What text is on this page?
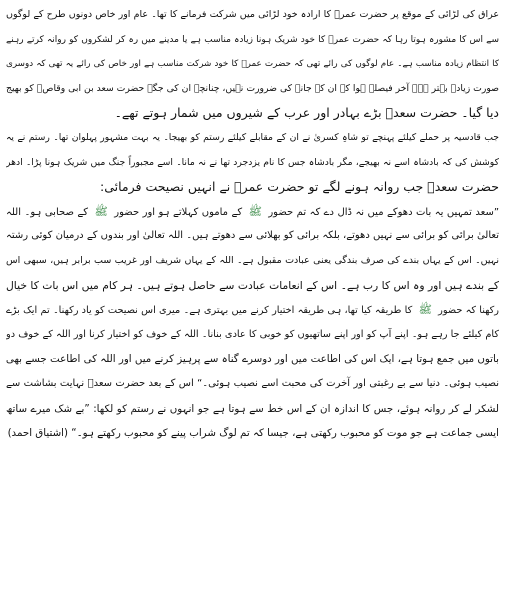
عراق کی لڑائی کے موقع پر حضرت عمرؓ کا ارادہ خود لڑائی میں شرکت فرمانے کا تھا۔ عام اور خاص دونوں طرح کے لوگوں
سے اس کا مشورہ ہوتا رہا کہ حضرت عمرؓ کا خود شریک ہونا زیادہ مناسب ہے یا مدینے میں رہ کر لشکروں کو روانہ کرتے رہنے
کا انتظام زیادہ مناسب ہے۔ عام لوگوں کی رائے تھی کہ حضرت عمرؓ کا خود شرکت مناسب ہے اور خاص کی رائے یہ تھی کہ دوسری
صورت زیادہ بہتر ہے۔ آخر فیصلہ ہوا کہ ان کے جانے کی ضرورت نہیں، چنانچہ ان کی جگہ حضرت سعد بن ابی وقاصؓ کو بھیج
دیا گیا۔ حضرت سعدؓ بڑے بہادر اور عرب کے شیروں میں شمار ہوتے تھے۔
جب قادسیہ پر حملے کیلئے پہنچے تو شاہِ کسریٰ نے ان کے مقابلے کیلئے رستم کو بھیجا۔ یہ بہت مشہور پہلوان تھا۔ رستم نے یہ
کوشش کی کہ بادشاہ اسے نہ بھیجے، مگر بادشاہ جس کا نام یزدجرد تھا نے نہ مانا۔ اسے مجبوراً جنگ میں شریک ہونا پڑا۔ ادھر
حضرت سعدؓ جب روانہ ہونے لگے تو حضرت عمرؓ نے انہیں نصیحت فرمائی:
”سعد تمہیں یہ بات دھوکے میں نہ ڈال دے کہ تم حضور ﷺ کے ماموں کہلاتے ہو اور حضور ﷺ کے صحابی ہو۔ اللہ
تعالیٰ برائی کو برائی سے نہیں دھوتے، بلکہ برائی کو بھلائی سے دھوتے ہیں۔ اللہ تعالیٰ اور بندوں کے درمیان کوئی رشتہ
نہیں۔ اس کے یہاں بندے کی صرف بندگی یعنی عبادت مقبول ہے۔ اللہ کے یہاں شریف اور غریب سب برابر ہیں، سبھی اس
کے بندے ہیں اور وہ اس کا رب ہے۔ اس کے انعامات عبادت سے حاصل ہوتے ہیں۔ ہر کام میں اس بات کا خیال
رکھنا کہ حضور ﷺ کا طریقہ کیا تھا، ہی طریقہ اختیار کرنے میں بہتری ہے۔ میری اس نصیحت کو یاد رکھنا۔ تم ایک بڑے
کام کیلئے جا رہے ہو۔ اپنے آپ کو اور اپنے ساتھیوں کو خوبی کا عادی بنانا۔ اللہ کے خوف کو اختیار کرنا اور اللہ کے خوف دو
باتوں میں جمع ہوتا ہے، ایک اس کی اطاعت میں اور دوسرے گناہ سے پرہیز کرنے میں اور اللہ کی اطاعت جسے بھی
نصیب ہوئی۔ دنیا سے بے رغبتی اور آخرت کی محبت اسے نصیب ہوئی۔“ اس کے بعد حضرت سعدؓ نہایت بشاشت سے
لشکر لے کر روانہ ہوئے، جس کا اندازہ ان کے اس خط سے ہوتا ہے جو انہوں نے رستم کو لکھا: ”بے شک میرے ساتھ
ایسی جماعت ہے جو موت کو محبوب رکھتی ہے، جیسا کہ تم لوگ شراب پینے کو محبوب رکھتے ہو۔“ (اشتیاق احمد)
